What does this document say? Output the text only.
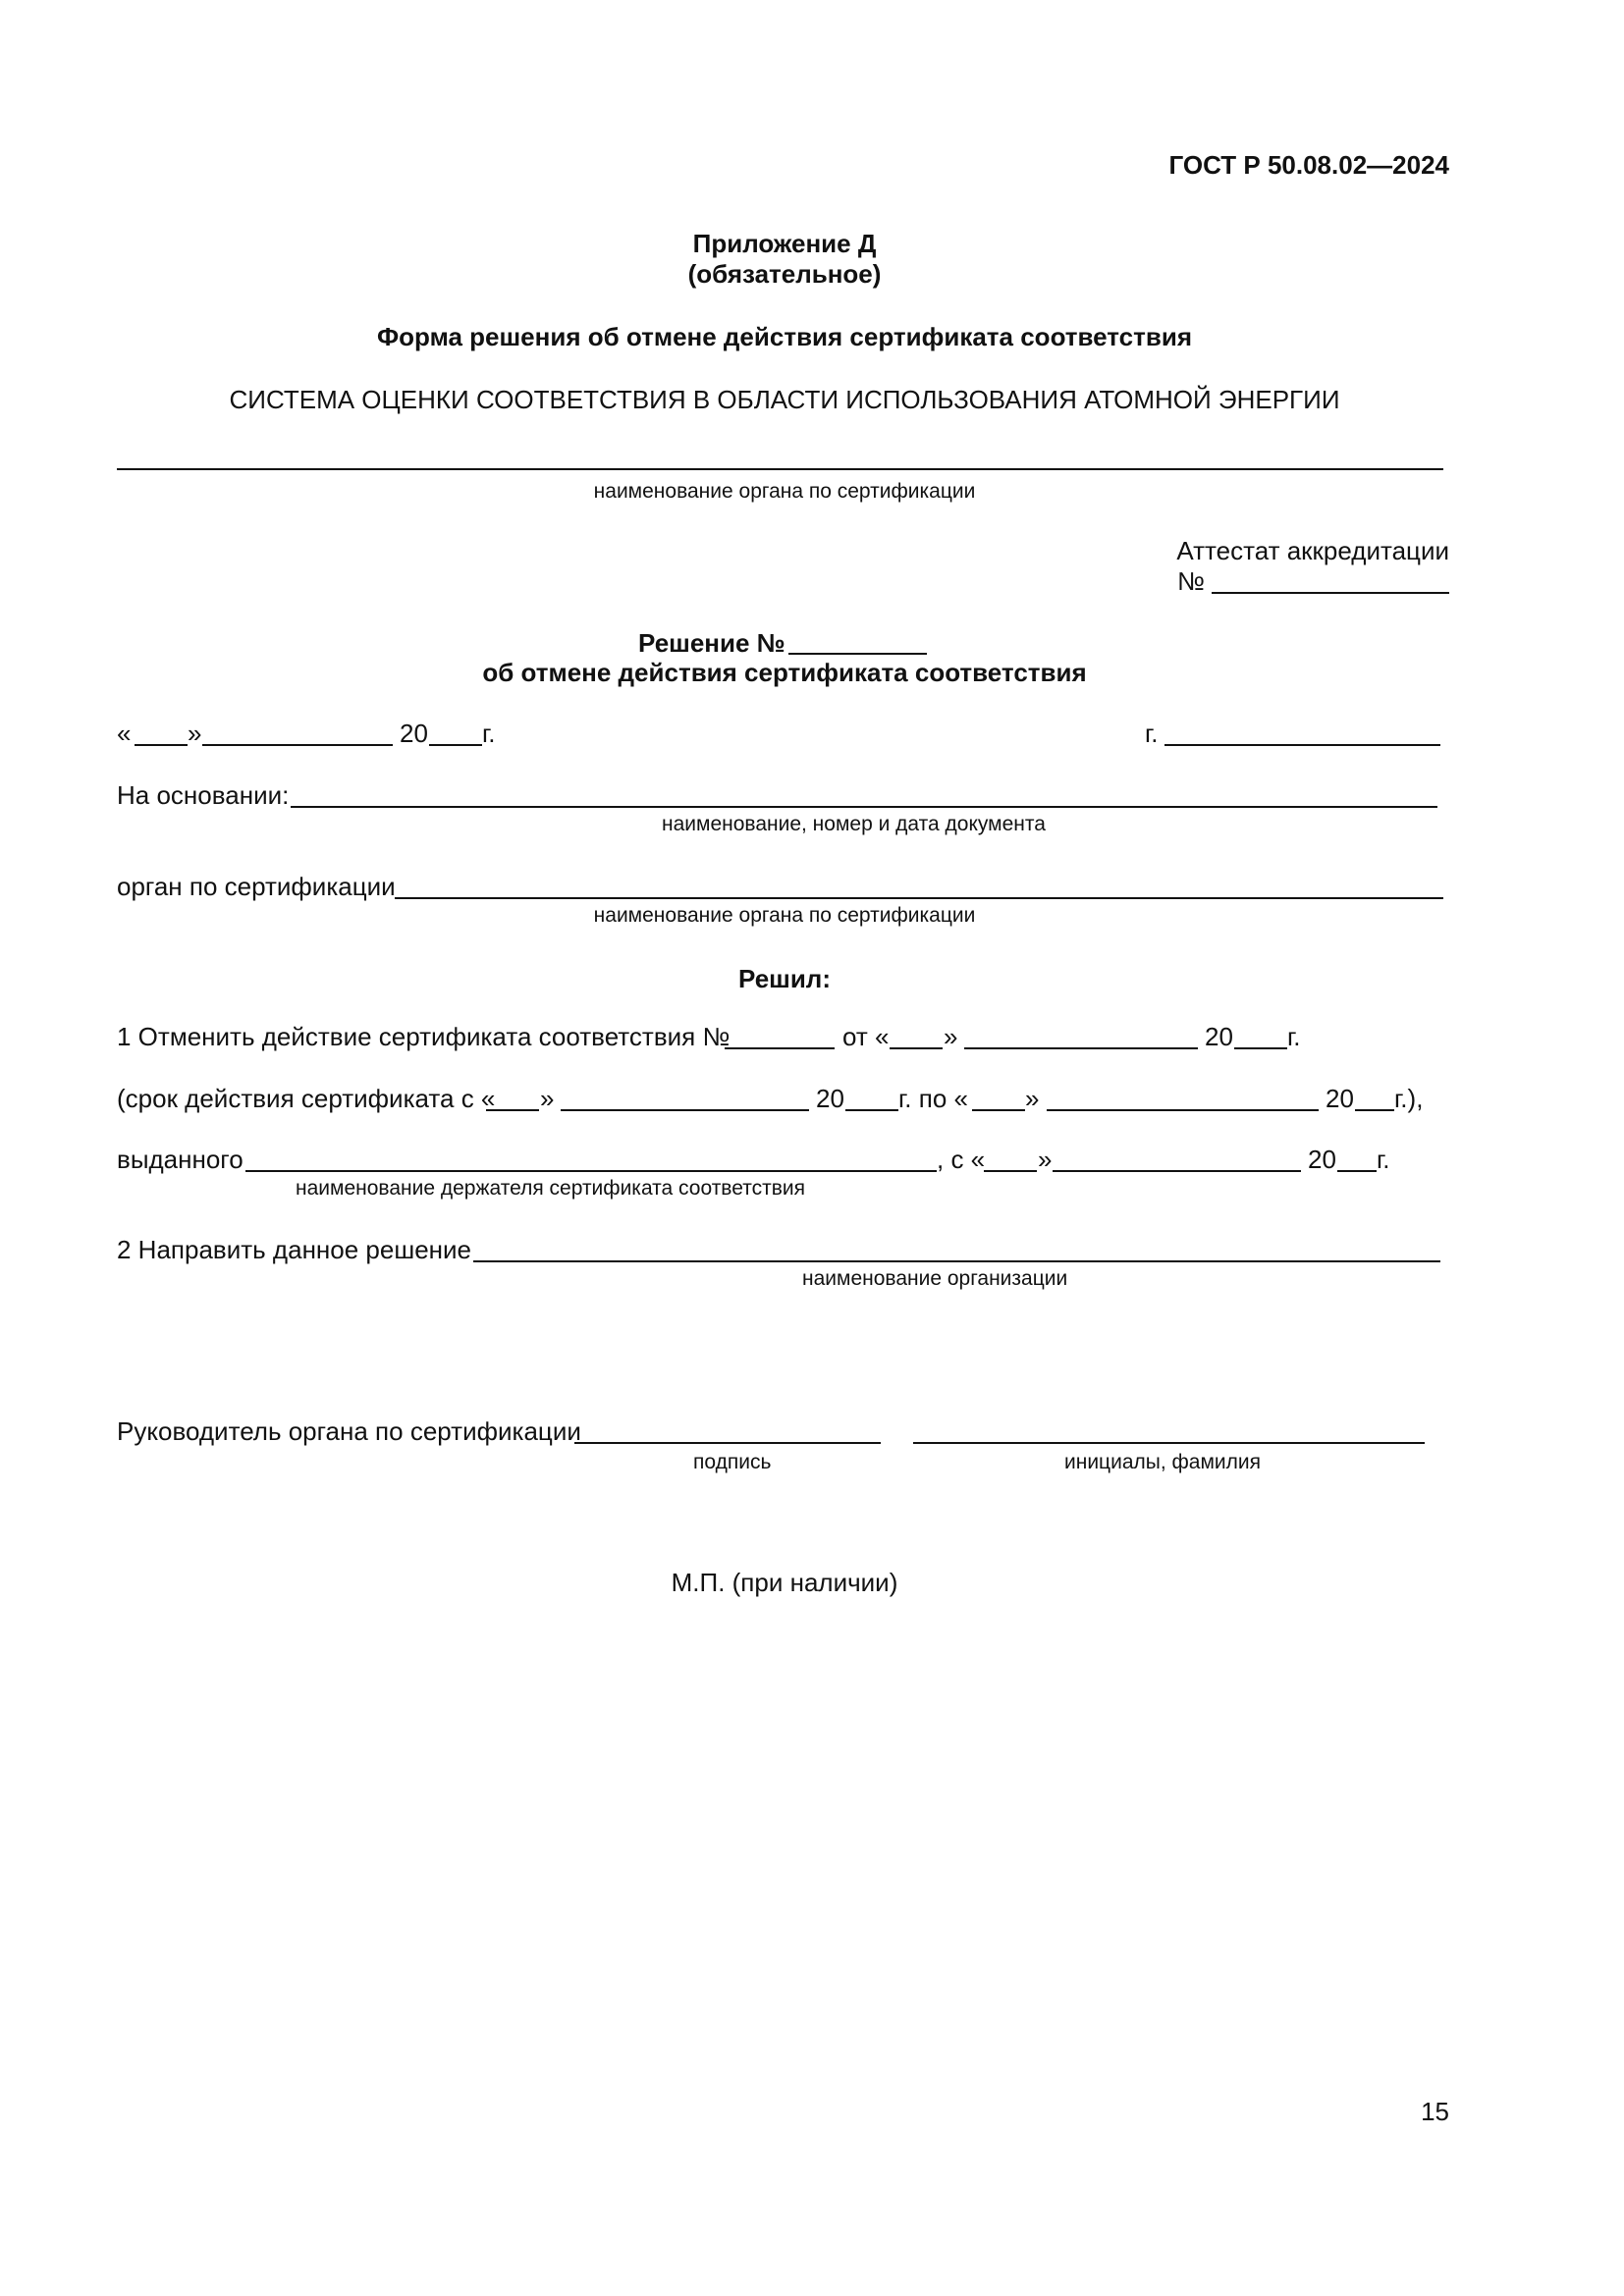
ГОСТ Р 50.08.02—2024
Приложение Д
(обязательное)
Форма решения об отмене действия сертификата соответствия
СИСТЕМА ОЦЕНКИ СООТВЕТСТВИЯ В ОБЛАСТИ ИСПОЛЬЗОВАНИЯ АТОМНОЙ ЭНЕРГИИ
наименование органа по сертификации
Аттестат аккредитации
№
Решение №
об отмене действия сертификата соответствия
« »	20 г.	г.
На основании:
наименование, номер и дата документа
орган по сертификации
наименование органа по сертификации
Решил:
1 Отменить действие сертификата соответствия №	от « »	20 г.
(срок действия сертификата с « »	20 г. по « »	20 г.),
выданного	, с « »	20 г.
наименование держателя сертификата соответствия
2 Направить данное решение
наименование организации
Руководитель органа по сертификации
подпись	инициалы, фамилия
М.П. (при наличии)
15
